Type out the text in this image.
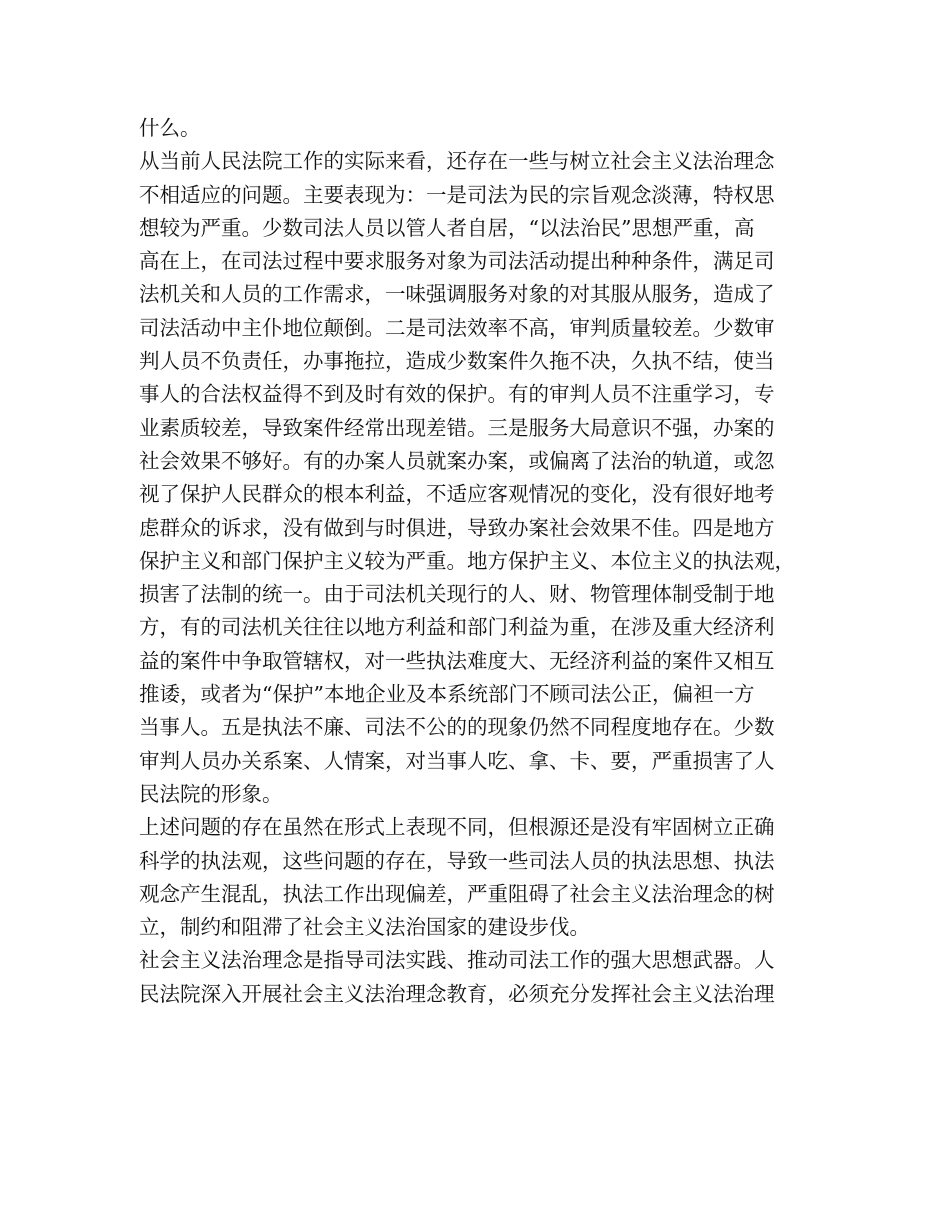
什么。
从当前人民法院工作的实际来看，还存在一些与树立社会主义法治理念
不相适应的问题。主要表现为：一是司法为民的宗旨观念淡薄，特权思
想较为严重。少数司法人员以管人者自居，“以法治民”思想严重，高
高在上，在司法过程中要求服务对象为司法活动提出种种条件，满足司
法机关和人员的工作需求，一味强调服务对象的对其服从服务，造成了
司法活动中主仆地位颠倒。二是司法效率不高，审判质量较差。少数审
判人员不负责任，办事拖拉，造成少数案件久拖不决，久执不结，使当
事人的合法权益得不到及时有效的保护。有的审判人员不注重学习，专
业素质较差，导致案件经常出现差错。三是服务大局意识不强，办案的
社会效果不够好。有的办案人员就案办案，或偏离了法治的轨道，或忽
视了保护人民群众的根本利益，不适应客观情况的变化，没有很好地考
虑群众的诉求，没有做到与时俱进，导致办案社会效果不佳。四是地方
保护主义和部门保护主义较为严重。地方保护主义、本位主义的执法观，
损害了法制的统一。由于司法机关现行的人、财、物管理体制受制于地
方，有的司法机关往往以地方利益和部门利益为重，在涉及重大经济利
益的案件中争取管辖权，对一些执法难度大、无经济利益的案件又相互
推诿，或者为“保护”本地企业及本系统部门不顾司法公正，偏袒一方
当事人。五是执法不廉、司法不公的的现象仍然不同程度地存在。少数
审判人员办关系案、人情案，对当事人吃、拿、卡、要，严重损害了人
民法院的形象。
上述问题的存在虽然在形式上表现不同，但根源还是没有牢固树立正确
科学的执法观，这些问题的存在，导致一些司法人员的执法思想、执法
观念产生混乱，执法工作出现偏差，严重阻碍了社会主义法治理念的树
立，制约和阻滞了社会主义法治国家的建设步伐。
社会主义法治理念是指导司法实践、推动司法工作的强大思想武器。人
民法院深入开展社会主义法治理念教育，必须充分发挥社会主义法治理
